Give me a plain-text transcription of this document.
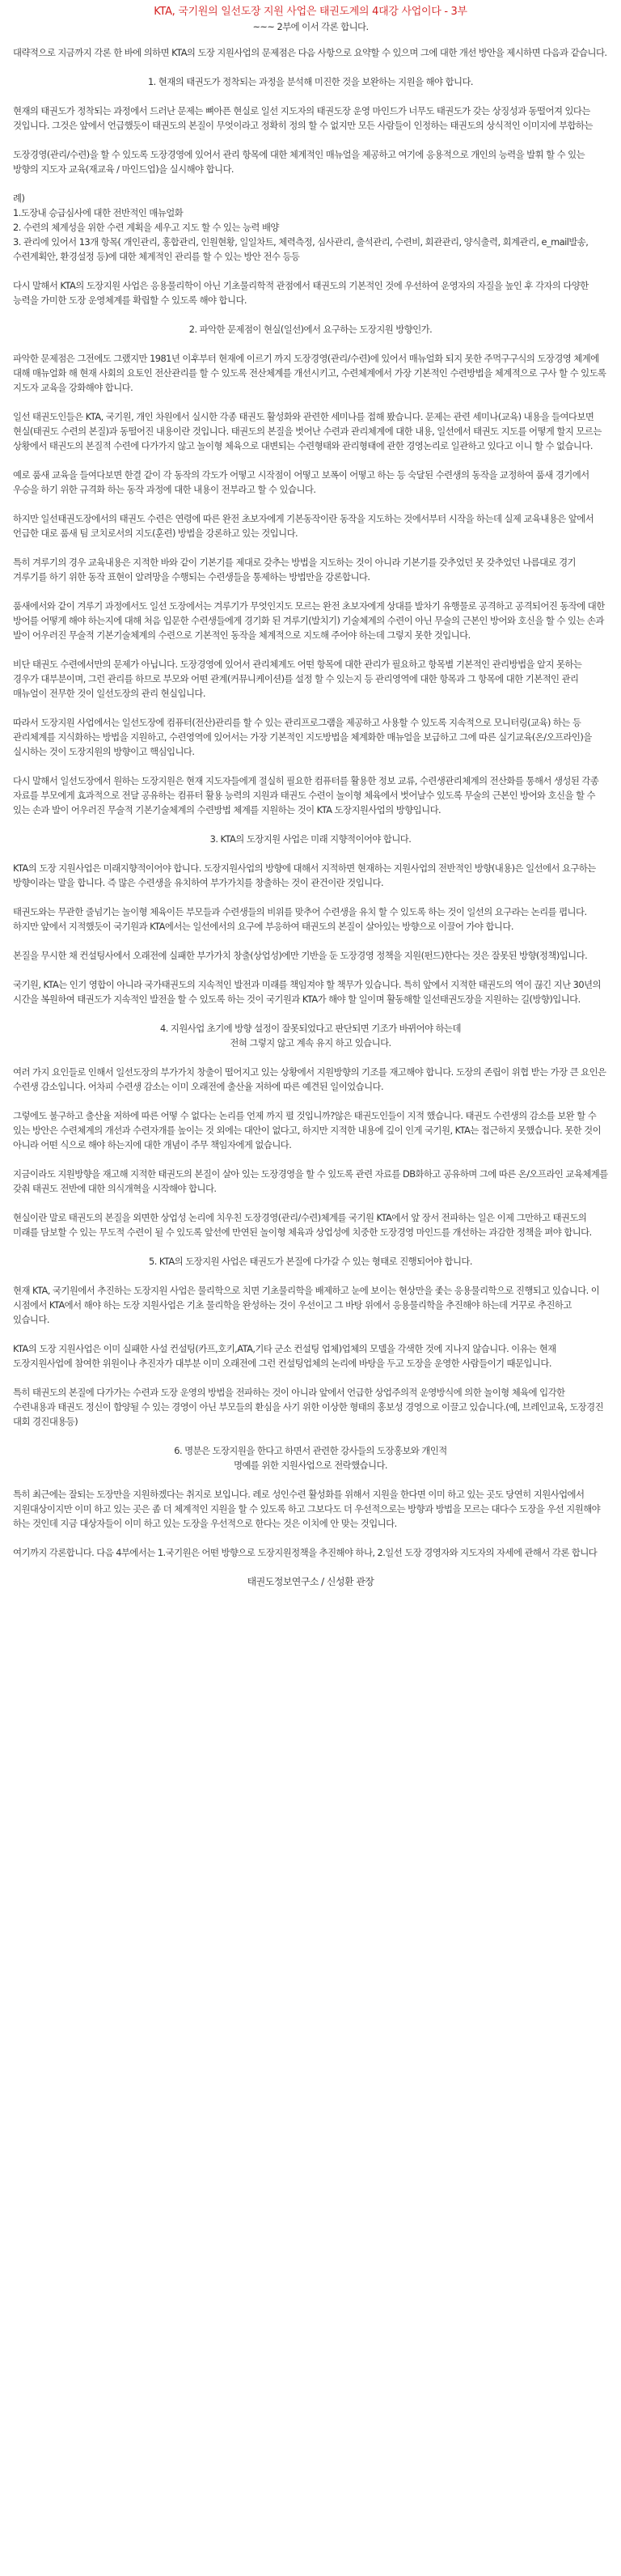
KTA, 국기원의 일선도장 지원 사업은 태권도계의 4대강 사업이다 - 3부
~~~ 2부에 이서 각론 합니다.

대략적으로 지금까지 각론 한 바에 의하면 KTA의 도장 지원사업의 문제점은 다음 사항으로 요약할 수 있으며 그에 대한 개선 방안을 제시하면 다음과 같습니다.

1. 현재의 태권도가 정착되는 과정을 분석해 미진한 것을 보완하는 지원을 해야 합니다.

현재의 태권도가 정착되는 과정에서 드러난 문제는 뼈아픈 현실로 일선 지도자의 태권도장 운영 마인드가 너무도 태권도가 갖는 상징성과 동떨어져 있다는 것입니다. 그것은 앞에서 언급했듯이 태권도의 본질이 무엇이라고 정확히 정의 할 수 없지만 모든 사람들이 인정하는 태권도의 상식적인 이미지에 부합하는

도장경영(관리/수련)을 할 수 있도록 도장경영에 있어서 관리 항목에 대한 체계적인 매뉴얼을 제공하고 여기에 응용적으로 개인의 능력을 발휘 할 수 있는 방향의 지도자 교육(재교육 / 마인드업)을 실시해야 합니다.

례)
1.도장내 승급심사에 대한 전반적인 매뉴얼화
2. 수련의 체계성을 위한 수련 계획을 세우고 지도 할 수 있는 능력 배양
3. 관리에 있어서 13개 항목( 개인관리, 홍합관리, 인원현황, 일일차트, 체력측정, 심사관리, 출석관리, 수련비, 회관관리, 양식출력, 회계관리, e_mail발송, 수련계획안, 환경설정 등)에 대한 체계적인 관리를 할 수 있는 방안 전수 등등

다시 말해서 KTA의 도장지원 사업은 응용물리학이 아닌 기초물리학적 관점에서 태권도의 기본적인 것에 우선하여 운영자의 자질을 높인 후 각자의 다양한 능력을 가미한 도장 운영체계를 확립할 수 있도록 해야 합니다.

2. 파악한 문제점이 현실(일선)에서 요구하는 도장지원 방향인가.

파악한 문제점은 그전에도 그랬지만 1981년 이후부터 현재에 이르기 까지 도장경영(관리/수련)에 있어서 매뉴얼화 되지 못한 주먹구구식의 도장경영 체계에 대해 매뉴얼화 해 현재 사회의 요토인 전산관리를 할 수 있도록 전산체계를 개선시키고, 수련체계에서 가장 기본적인 수련방법을 체계적으로 구사 할 수 있도록 지도자 교육을 강화해야 합니다.

일선 태권도인들은 KTA, 국기원, 개인 차원에서 실시한 각종 태권도 활성화와 관련한 세미나를 접해 봤습니다. 문제는 관련 세미나(교육) 내용을 들여다보면 현실(태권도 수련의 본질)과 동떨어진 내용이란 것입니다. 태권도의 본질을 벗어난 수련과 관리체계에 대한 내용, 일선에서 태권도 지도를 어떻게 할지 모르는 상황에서 태권도의 본질적 수련에 다가가지 않고 놀이형 체육으로 대변되는 수련형태와 관리형태에 관한 경영논리로 일관하고 있다고 이니 할 수 없습니다.

예로 품새 교육을 들여다보면 한결 같이 각 동작의 각도가 어떻고 시작점이 어떻고 보폭이 어떻고 하는 등 숙달된 수련생의 동작을 교정하여 품새 경기에서 우승을 하기 위한 규격화 하는 동작 과정에 대한 내용이 전부라고 할 수 있습니다.

하지만 일선태권도장에서의 태권도 수련은 연령에 따른 완전 초보자에게 기본동작이란 동작을 지도하는 것에서부터 시작을 하는데 실제 교육내용은 앞에서 언급한 대로 품새 팀 코치로서의 지도(훈련) 방법을 강론하고 있는 것입니다.

특히 겨루기의 경우 교육내용은 지적한 바와 같이 기본기를 제대로 갖추는 방법을 지도하는 것이 아니라 기본기를 갖추었던 못 갖추었던 나름대로 경기 겨루기를 하기 위한 동작 표현이 알려망을 수행되는 수련생들을 통제하는 방법만을 강론합니다.

품새에서와 같이 겨루기 과정에서도 일선 도장에서는 겨루기가 무엇인지도 모르는 완전 초보자에게 상대를 발차기 유행물로 공격하고 공격되어진 동작에 대한 방어를 어떻게 해야 하는지에 대해 처음 입문한 수련생들에게 경기화 된 겨루기(발치기) 기술체계의 수련이 아닌 무술의 근본인 방어와 호신을 할 수 있는 손과 발이 어우러진 무술적 기본기술체계의 수련으로 기본적인 동작을 체계적으로 지도해 주어야 하는데 그렇지 못한 것입니다.

비단 태권도 수련에서만의 문제가 아닙니다. 도장경영에 있어서 관리체계도 어떤 항목에 대한 관리가 필요하고 항목별 기본적인 관리방법을 알지 못하는 경우가 대부분이며, 그런 관리를 하므로 부모와 어떤 관계(커뮤니케이션)를 설정 할 수 있는지 등 관리영역에 대한 항목과 그 항목에 대한 기본적인 관리 매뉴얼이 전무한 것이 일선도장의 관리 현실입니다.

따라서 도장지원 사업에서는 일선도장에 컴퓨터(전산)관리를 할 수 있는 관리프로그램을 제공하고 사용할 수 있도록 지속적으로 모니터링(교육) 하는 등 관리체계를 지식화하는 방법을 지원하고, 수련영역에 있어서는 가장 기본적인 지도방법을 체계화한 매뉴얼을 보급하고 그에 따른 실기교육(온/오프라인)을 실시하는 것이 도장지원의 방향이고 핵심입니다.

다시 말해서 일선도장에서 원하는 도장지원은 현재 지도자들에게 절실히 필요한 컴퓨터를 활용한 정보 교류, 수련생관리체계의 전산화를 통해서 생성된 각종 자료를 부모에게 효과적으로 전달 공유하는 컴퓨터 활용 능력의 지원과 태권도 수련이 놀이형 체육에서 벗어날수 있도록 무술의 근본인 방어와 호신을 할 수 있는 손과 발이 어우러진 무술적 기본기술체계의 수련방법 체계를 지원하는 것이 KTA 도장지원사업의 방향입니다.

3. KTA의 도장지원 사업은 미래 지향적이어야 합니다.

KTA의 도장 지원사업은 미래지향적이어야 합니다. 도장지원사업의 방향에 대해서 지적하면 현재하는 지원사업의 전반적인 방향(내용)은 일선에서 요구하는 방향이라는 말을 합니다. 즉 많은 수련생을 유치하여 부가가치를 창출하는 것이 관건이란 것입니다.

태권도와는 무관한 줄넘기는 놀이형 체육이든 부모들과 수련생들의 비위를 맞추어 수련생을 유치 할 수 있도록 하는 것이 일선의 요구라는 논리를 폅니다. 하지만 앞에서 지적했듯이 국기원과 KTA에서는 일선에서의 요구에 부응하여 태권도의 본질이 살아있는 방향으로 이끌어 가야 합니다.

본질을 무시한 채 컨설팅사에서 오래전에 실패한 부가가치 창출(상업성)에만 기반을 둔 도장경영 정책을 지원(펀드)한다는 것은 잘못된 방향(정책)입니다.

국기원, KTA는 인기 영합이 아니라 국가태권도의 지속적인 발전과 미래를 책임져야 할 책무가 있습니다. 특히 앞에서 지적한 태권도의 역이 끊긴 지난 30년의 시간을 복원하여 태권도가 지속적인 발전을 할 수 있도록 하는 것이 국기원과 KTA가 해야 할 일이며 활동해할 일선태권도장을 지원하는 길(방향)입니다.

4. 지원사업 초기에 방향 설정이 잘못되었다고 판단되면 기조가 바뀌어야 하는데
전혀 그렇지 않고 계속 유지 하고 있습니다.

여러 가지 요인들로 인해서 일선도장의 부가가치 창출이 떨어지고 있는 상황에서 지원방향의 기조를 재고해야 합니다. 도장의 존립이 위협 받는 가장 큰 요인은 수련생 감소입니다. 어차피 수련생 감소는 이미 오래전에 출산율 저하에 따른 예견된 일이었습니다.

그렇에도 불구하고 출산율 저하에 따른 어떻 수 없다는 논리를 언제 까지 펼 것입니까?않은 태권도인들이 지적 했습니다. 태권도 수련생의 감소를 보완 할 수 있는 방안은 수련체계의 개선과 수련자개를 높이는 것 외에는 대안이 없다고, 하지만 지적한 내용에 깊이 인게 국기원, KTA는 접근하지 못했습니다. 못한 것이 아니라 어떤 식으로 해야 하는지에 대한 개념이 주무 책임자에게 없습니다.

지금이라도 지원방향을 재고해 지적한 태권도의 본질이 살아 있는 도장경영을 할 수 있도록 관련 자료를 DB화하고 공유하며 그에 따른 온/오프라인 교육체계를 갖춰 태권도 전반에 대한 의식개혁을 시작해야 합니다.

현실이란 말로 태권도의 본질을 외면한 상업성 논리에 치우친 도장경영(관리/수련)체계를 국기원 KTA에서 앞 장서 전파하는 일은 이제 그만하고 태권도의 미래를 담보할 수 있는 무도적 수련이 될 수 있도록 앞선에 만연된 놀이형 체육과 상업성에 치중한 도장경영 마인드를 개선하는 과감한 정책을 펴야 합니다.

5. KTA의 도장지원 사업은 태권도가 본질에 다가갈 수 있는 형태로 진행되어야 합니다.

현재 KTA, 국기원에서 추진하는 도장지원 사업은 물리학으로 치면 기초물리학을 배제하고 눈에 보이는 현상만을 좇는 응용물리학으로 진행되고 있습니다. 이 시점에서 KTA에서 해야 하는 도장 지원사업은 기초 물리학을 완성하는 것이 우선이고 그 바탕 위에서 응용물리학을 추진해야 하는데 거꾸로 추진하고 있습니다.

KTA의 도장 지원사업은 이미 실패한 사설 컨설팅(카프,호키,ATA,기타 군소 컨설팅 업체)업체의 모델을 각색한 것에 지나지 않습니다. 이유는 현재 도장지원사업에 참여한 위원이나 추진자가 대부분 이미 오래전에 그런 컨설팅업체의 논리에 바탕을 두고 도장을 운영한 사람들이기 때문입니다.

특히 태권도의 본질에 다가가는 수련과 도장 운영의 방법을 전파하는 것이 아니라 앞에서 언급한 상업주의적 운영방식에 의한 놀이형 체육에 입각한 수련내용과 태권도 정신이 함양될 수 있는 경영이 아닌 부모들의 환심을 사기 위한 이상한 형태의 홍보성 경영으로 이끌고 있습니다.(예, 브레인교육, 도장경진 대회 경진대용등)

6. 명분은 도장지원을 한다고 하면서 관련한 강사들의 도장홍보와 개인적
명예를 위한 지원사업으로 전락했습니다.

특히 최근에는 잘되는 도장만을 지원하겠다는 취지로 보입니다. 레로 성인수련 활성화를 위해서 지원을 한다면 이미 하고 있는 곳도 당연히 지원사업에서 지원대상이지만 이미 하고 있는 곳은 좀 더 체계적인 지원을 할 수 있도록 하고 그보다도 더 우선적으로는 방향과 방법을 모르는 대다수 도장을 우선 지원해야 하는 것인데 지금 대상자들이 이미 하고 있는 도장을 우선적으로 한다는 것은 이치에 안 맞는 것입니다.

여기까지 각론합니다. 다음 4부에서는 1.국기원은 어떤 방향으로 도장지원정책을 추진해야 하나, 2.일선 도장 경영자와 지도자의 자세에 관해서 각론 합니다

태권도정보연구소 / 신성환 관장
